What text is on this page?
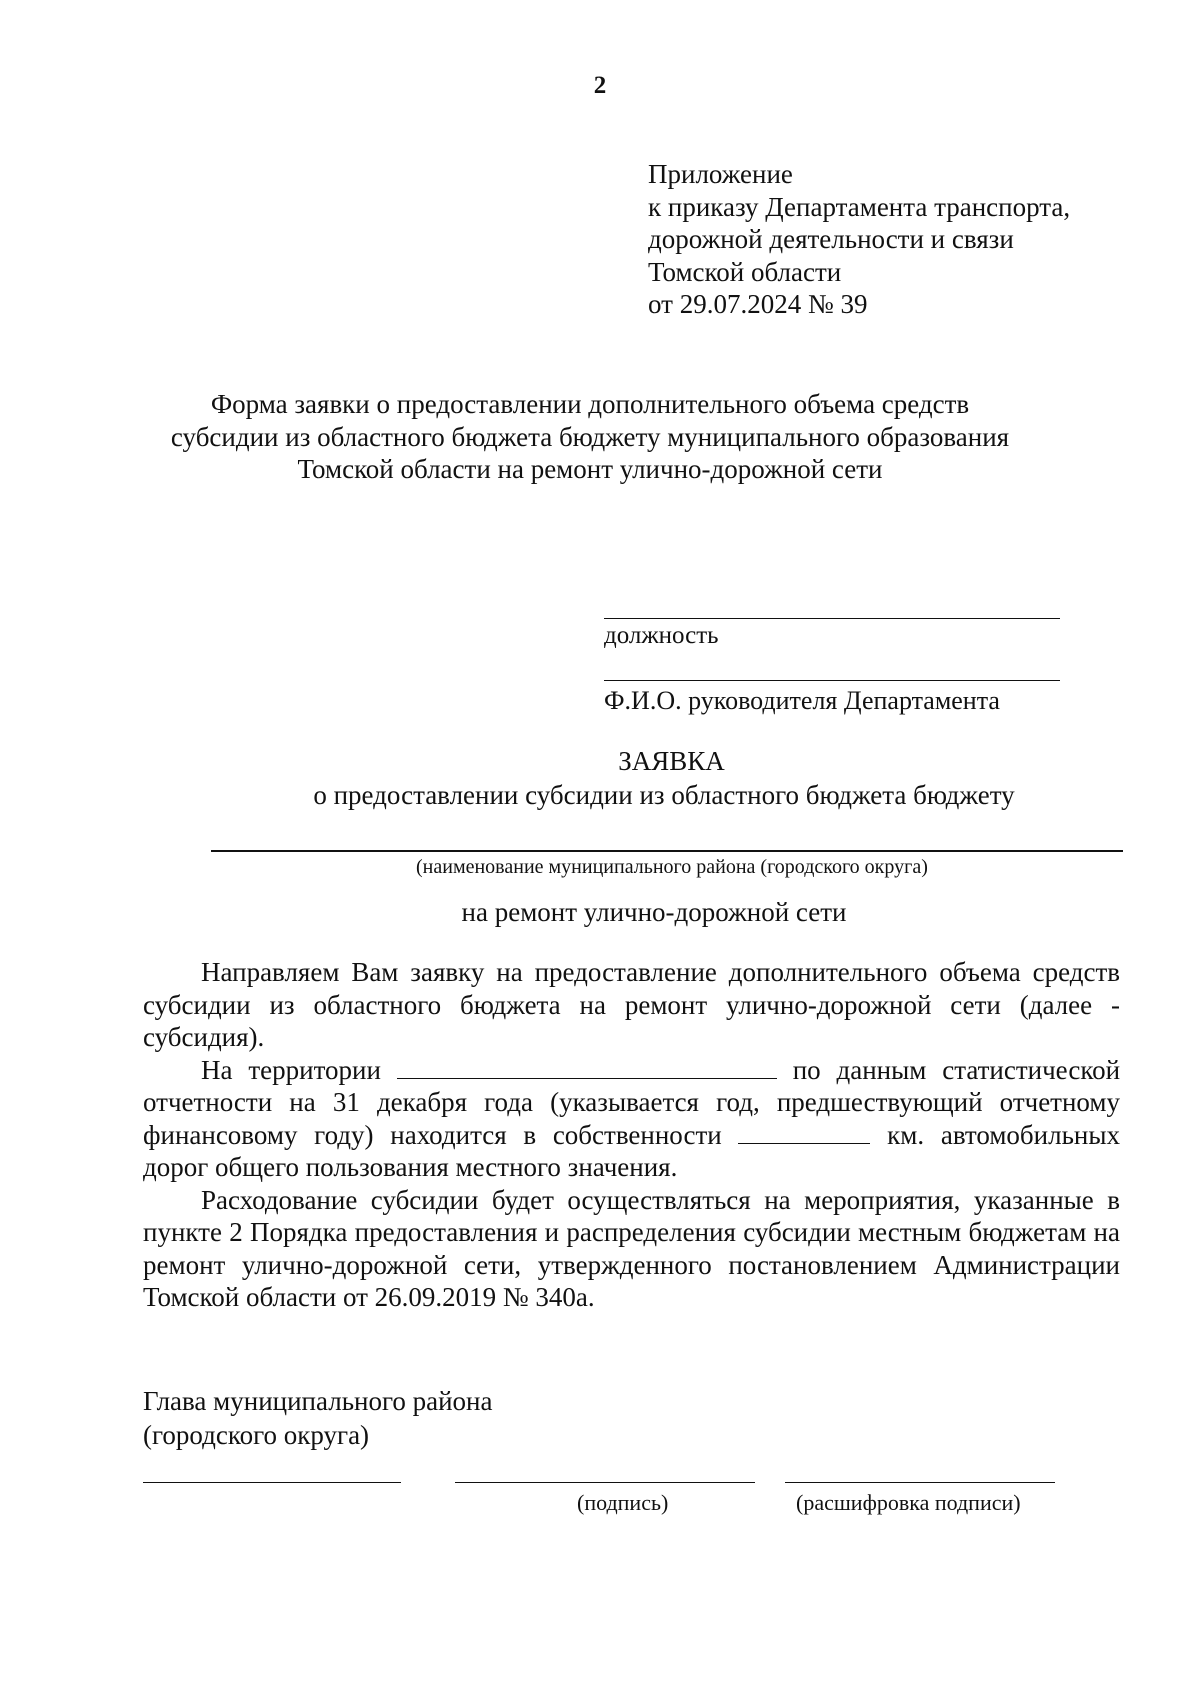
2
Приложение
к приказу Департамента транспорта,
дорожной деятельности и связи
Томской области
от 29.07.2024 № 39
Форма заявки о предоставлении дополнительного объема средств
субсидии из областного бюджета бюджету муниципального образования
Томской области на ремонт улично-дорожной сети
должность
Ф.И.О. руководителя Департамента
ЗАЯВКА
о предоставлении субсидии из областного бюджета бюджету
(наименование муниципального района (городского округа)
на ремонт улично-дорожной сети

Направляем Вам заявку на предоставление дополнительного объема средств субсидии из областного бюджета на ремонт улично-дорожной сети (далее - субсидия).

На территории	по данным статистической отчетности на 31 декабря года (указывается год, предшествующий отчетному финансовому году) находится в собственности	км. автомобильных дорог общего пользования местного значения.

Расходование субсидии будет осуществляться на мероприятия, указанные в пункте 2 Порядка предоставления и распределения субсидии местным бюджетам на ремонт улично-дорожной сети, утвержденного постановлением Администрации Томской области от 26.09.2019 № 340а.

Глава муниципального района
(городского округа)
(подпись)	(расшифровка подписи)
